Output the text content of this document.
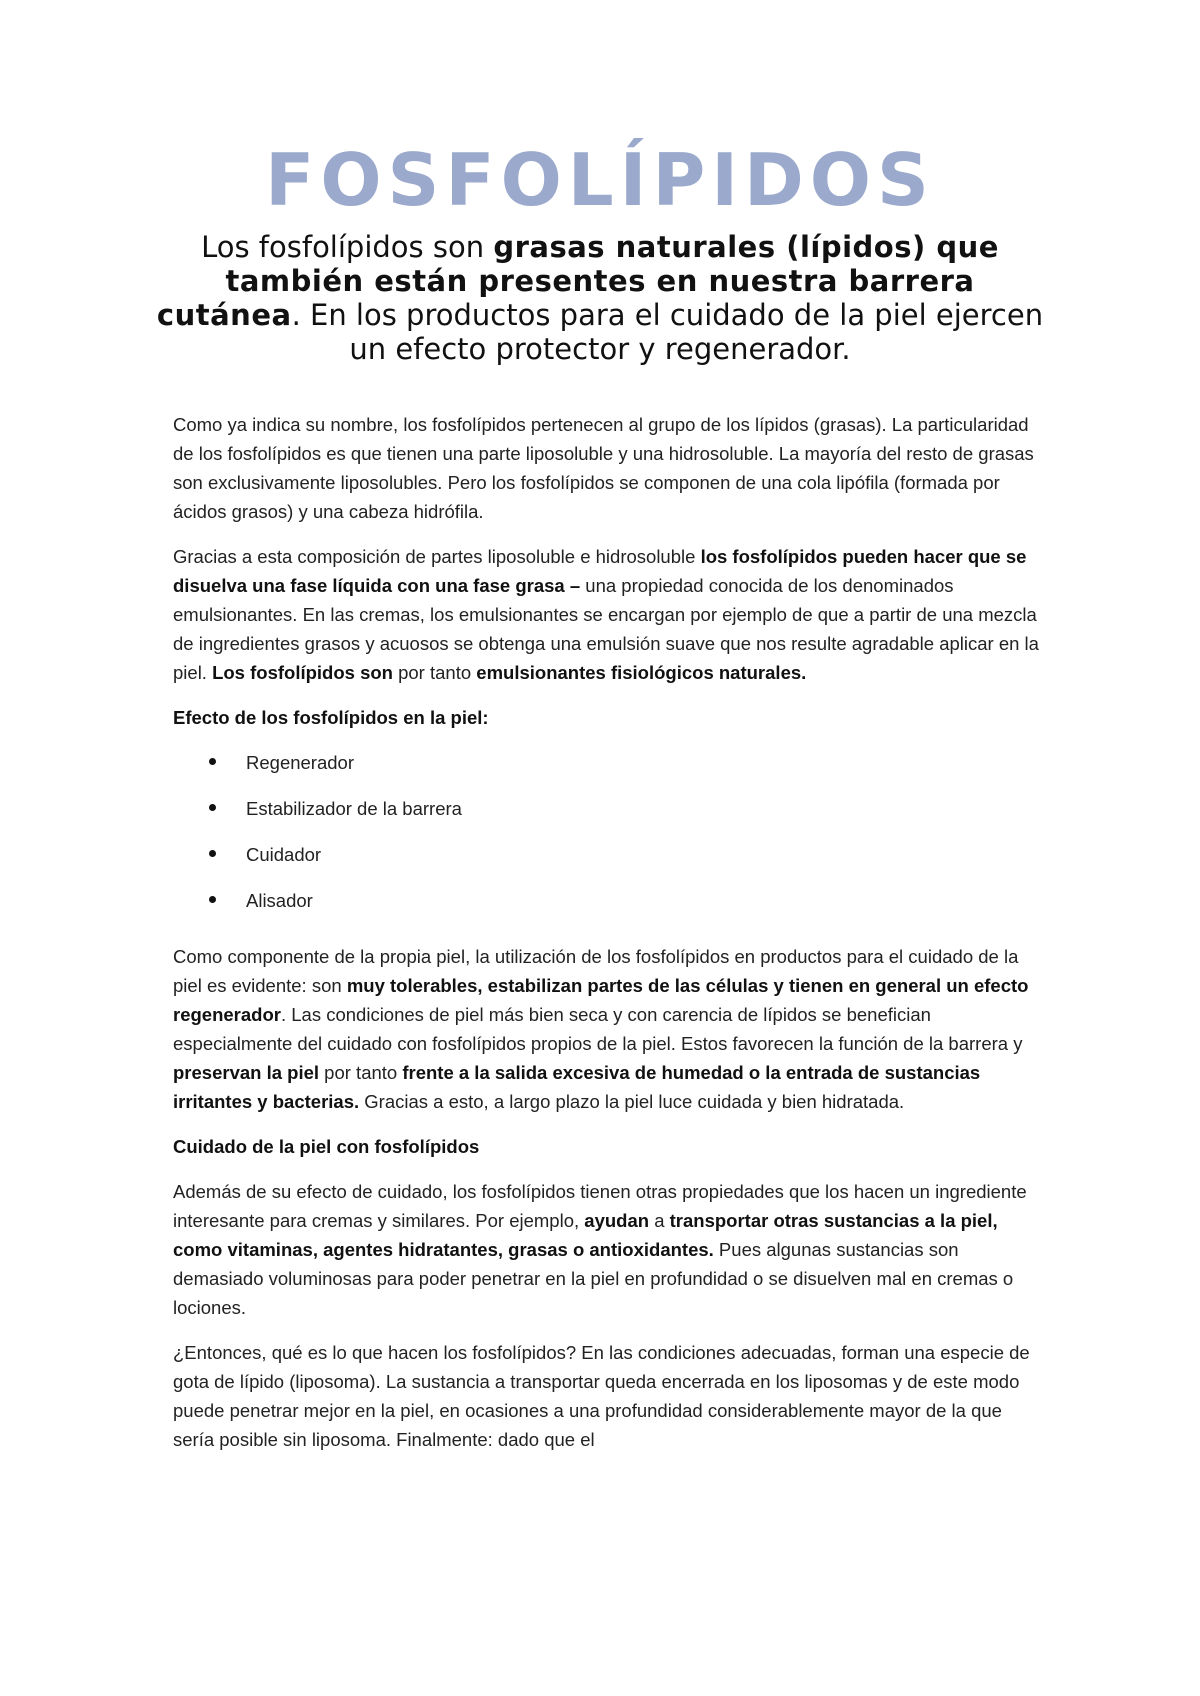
FOSFOLÍPIDOS

Los fosfolípidos son grasas naturales (lípidos) que también están presentes en nuestra barrera cutánea. En los productos para el cuidado de la piel ejercen un efecto protector y regenerador.

Como ya indica su nombre, los fosfolípidos pertenecen al grupo de los lípidos (grasas). La particularidad de los fosfolípidos es que tienen una parte liposoluble y una hidrosoluble. La mayoría del resto de grasas son exclusivamente liposolubles. Pero los fosfolípidos se componen de una cola lipófila (formada por ácidos grasos) y una cabeza hidrófila.

Gracias a esta composición de partes liposoluble e hidrosoluble los fosfolípidos pueden hacer que se disuelva una fase líquida con una fase grasa – una propiedad conocida de los denominados emulsionantes. En las cremas, los emulsionantes se encargan por ejemplo de que a partir de una mezcla de ingredientes grasos y acuosos se obtenga una emulsión suave que nos resulte agradable aplicar en la piel. Los fosfolípidos son por tanto emulsionantes fisiológicos naturales.

Efecto de los fosfolípidos en la piel:
Regenerador
Estabilizador de la barrera
Cuidador
Alisador

Como componente de la propia piel, la utilización de los fosfolípidos en productos para el cuidado de la piel es evidente: son muy tolerables, estabilizan partes de las células y tienen en general un efecto regenerador. Las condiciones de piel más bien seca y con carencia de lípidos se benefician especialmente del cuidado con fosfolípidos propios de la piel. Estos favorecen la función de la barrera y preservan la piel por tanto frente a la salida excesiva de humedad o la entrada de sustancias irritantes y bacterias. Gracias a esto, a largo plazo la piel luce cuidada y bien hidratada.

Cuidado de la piel con fosfolípidos

Además de su efecto de cuidado, los fosfolípidos tienen otras propiedades que los hacen un ingrediente interesante para cremas y similares. Por ejemplo, ayudan a transportar otras sustancias a la piel, como vitaminas, agentes hidratantes, grasas o antioxidantes. Pues algunas sustancias son demasiado voluminosas para poder penetrar en la piel en profundidad o se disuelven mal en cremas o lociones.

¿Entonces, qué es lo que hacen los fosfolípidos? En las condiciones adecuadas, forman una especie de gota de lípido (liposoma). La sustancia a transportar queda encerrada en los liposomas y de este modo puede penetrar mejor en la piel, en ocasiones a una profundidad considerablemente mayor de la que sería posible sin liposoma. Finalmente: dado que el
